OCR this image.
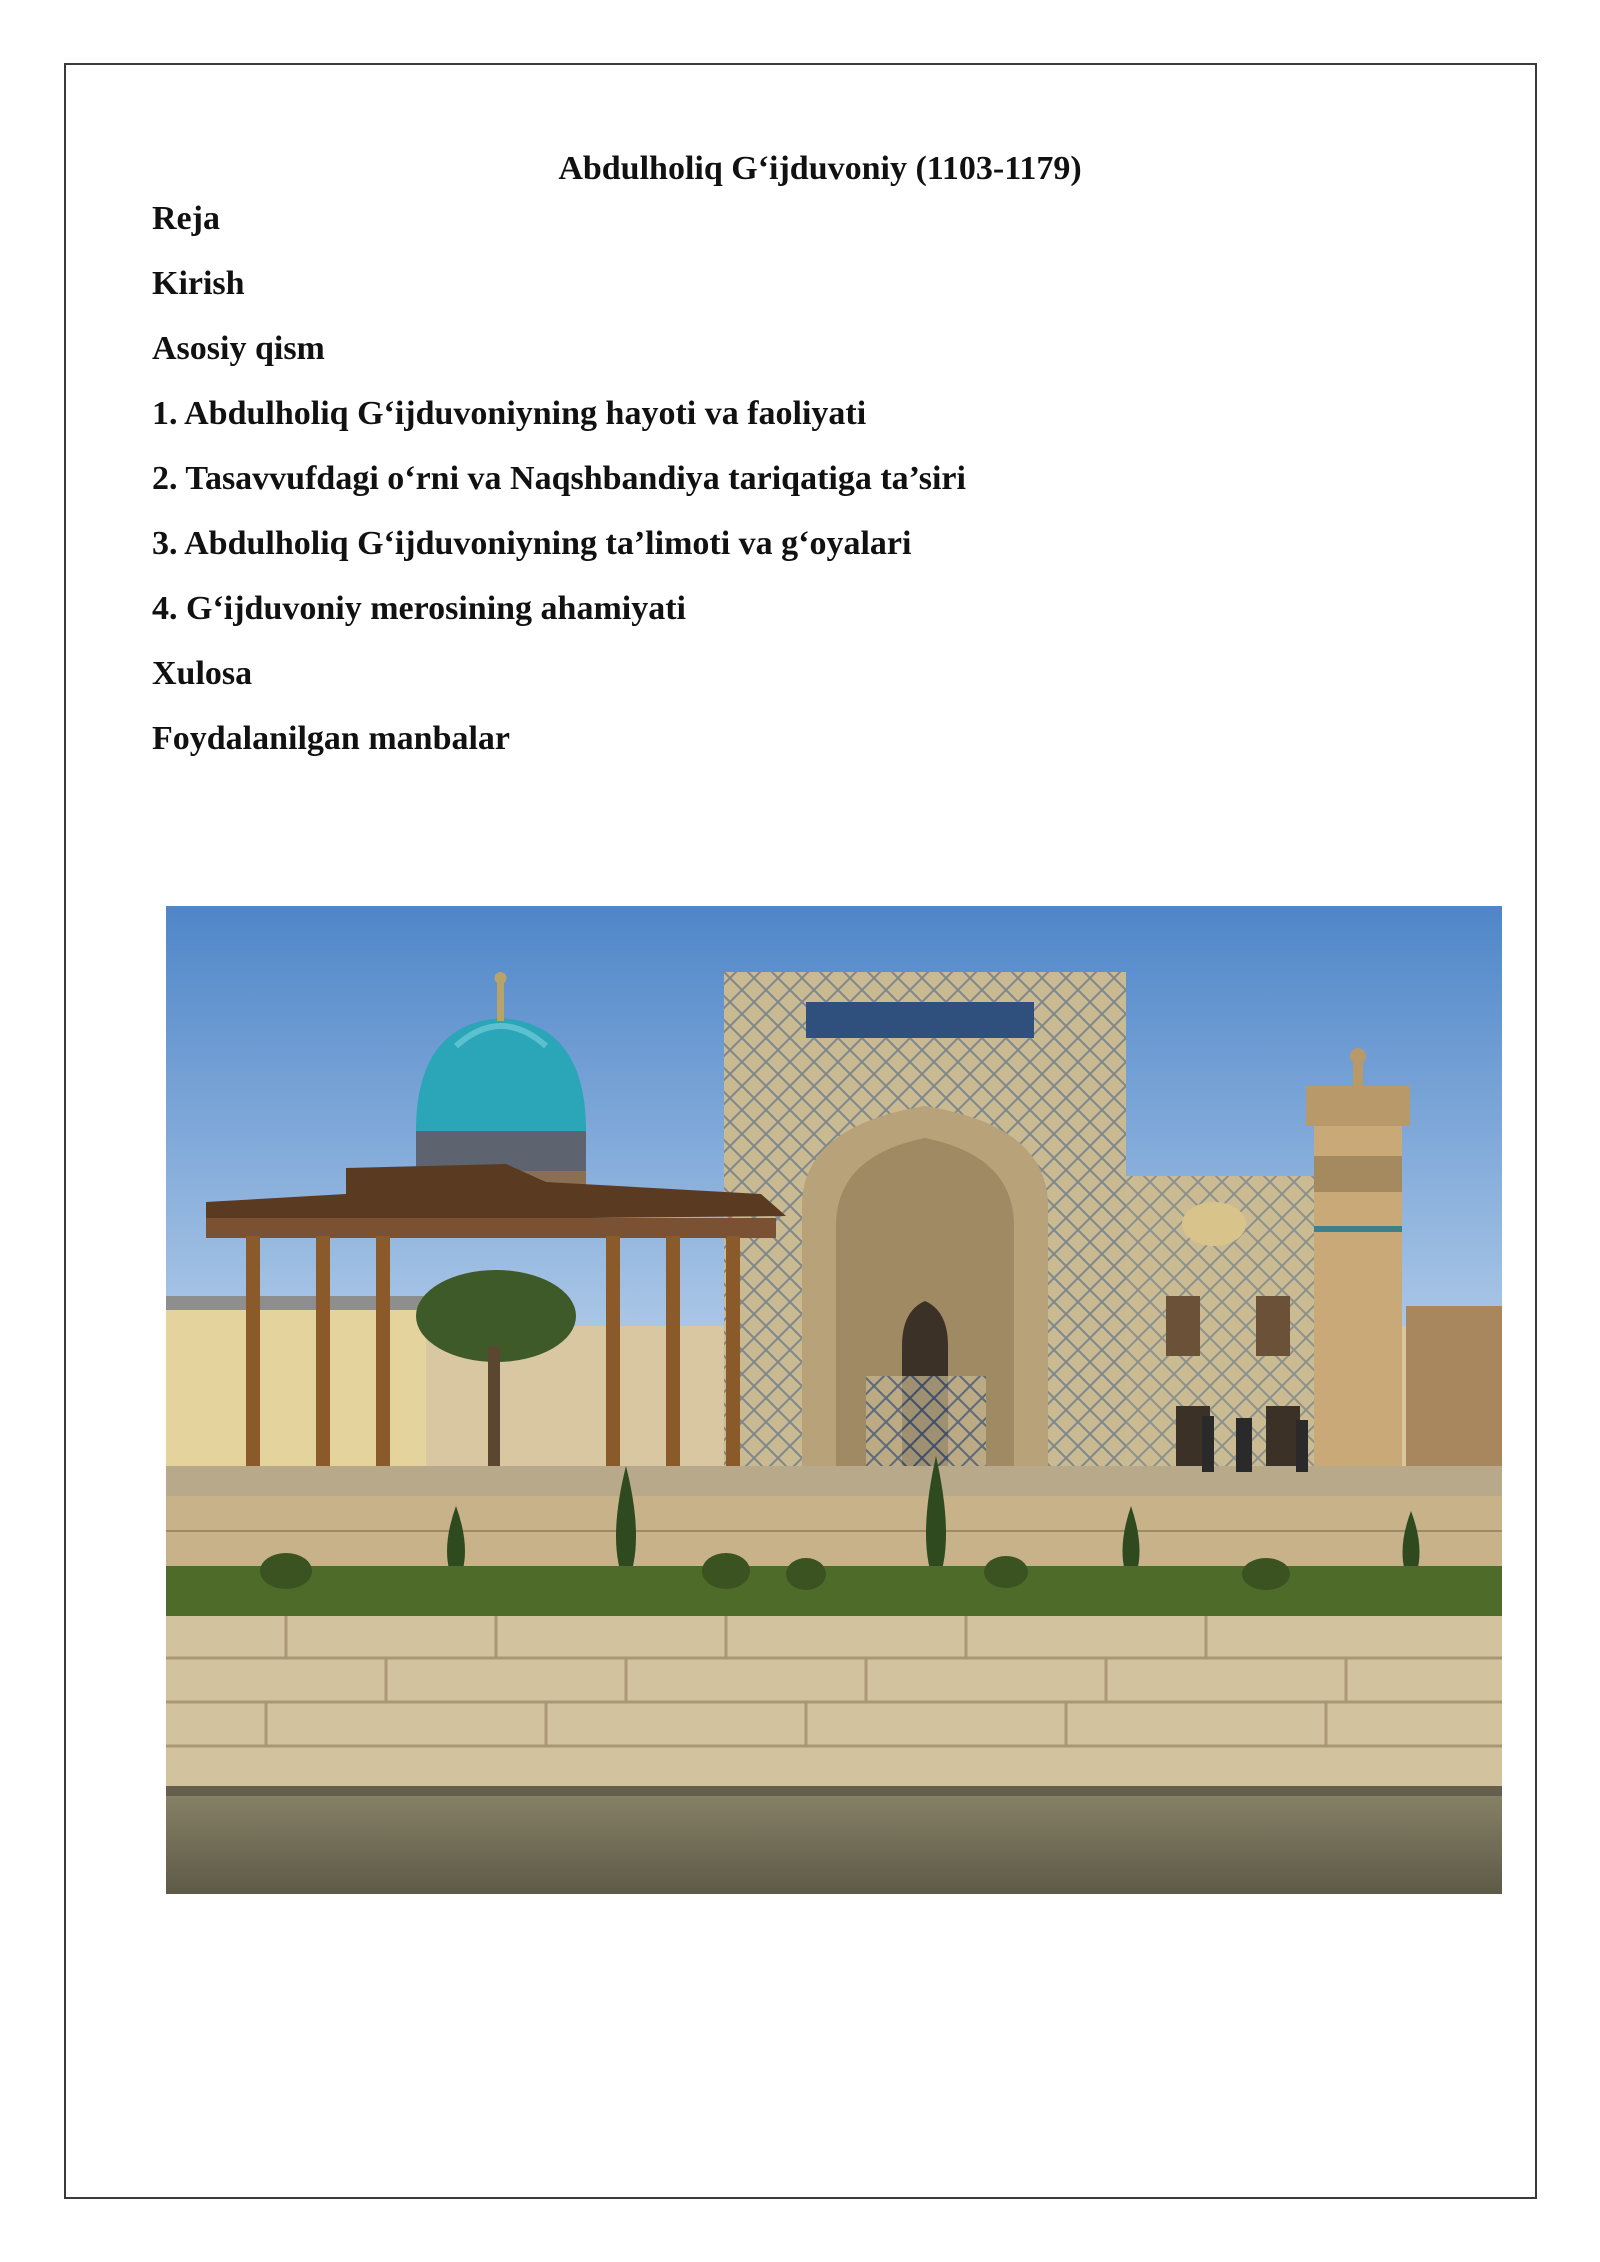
Abdulholiq G‘ijduvoniy (1103-1179)
Reja
Kirish
Asosiy qism
1. Abdulholiq G‘ijduvoniyning hayoti va faoliyati
2. Tasavvufdagi o‘rni va Naqshbandiya tariqatiga ta’siri
3. Abdulholiq G‘ijduvoniyning ta’limoti va g‘oyalari
4. G‘ijduvoniy merosining ahamiyati
Xulosa
Foydalanilgan manbalar
